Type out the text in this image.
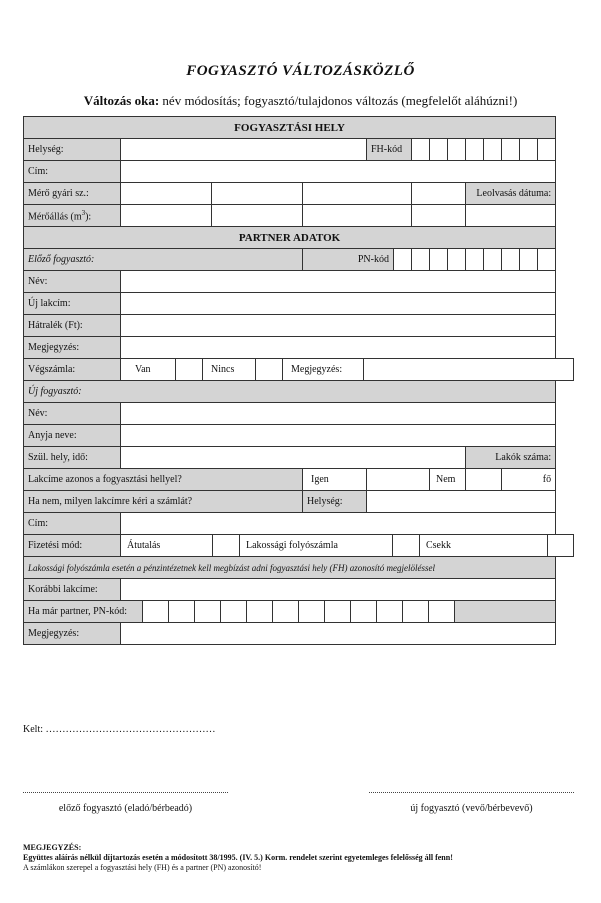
FOGYASZTÓ VÁLTOZÁSKÖZLŐ
Változás oka: név módosítás; fogyasztó/tulajdonos változás (megfelelőt aláhúzni!)
FOGYASZTÁSI HELY
Helység:		FH-kód								
Cím:	
Mérő gyári sz.:					Leolvasás dátuma:
Mérőállás $(m^3)$:					
PARTNER ADATOK
Előző fogyasztó:	PN-kód									
Név:	
Új lakcím:	
Hátralék (Ft):	
Megjegyzés:	
Végszámla:		Van		Nincs		Megjegyzés:	

Új fogyasztó:
Név:	
Anyja neve:	
Szül. hely, idő:		Lakók száma:
Lakcíme azonos a fogyasztási hellyel?	Igen		Nem		fő
Ha nem, milyen lakcímre kéri a számlát?	Helység:	
Cím:	
Fizetési mód:		Átutalás		Lakossági folyószámla		Csekk	

Lakossági folyószámla esetén a pénzintézetnek kell megbízást adni fogyasztási hely (FH) azonosító megjelöléssel
Korábbi lakcíme:	

Ha már partner, PN-kód:													

Megjegyzés:	
Kelt: ……………………………………………
előző fogyasztó (eladó/bérbeadó)	új fogyasztó (vevő/bérbevevő)
MEGJEGYZÉS:
Együttes aláírás nélkül díjtartozás esetén a módosított 38/1995. (IV. 5.) Korm. rendelet szerint egyetemleges felelősség áll fenn!
A számlákon szerepel a fogyasztási hely (FH) és a partner (PN) azonosító!
